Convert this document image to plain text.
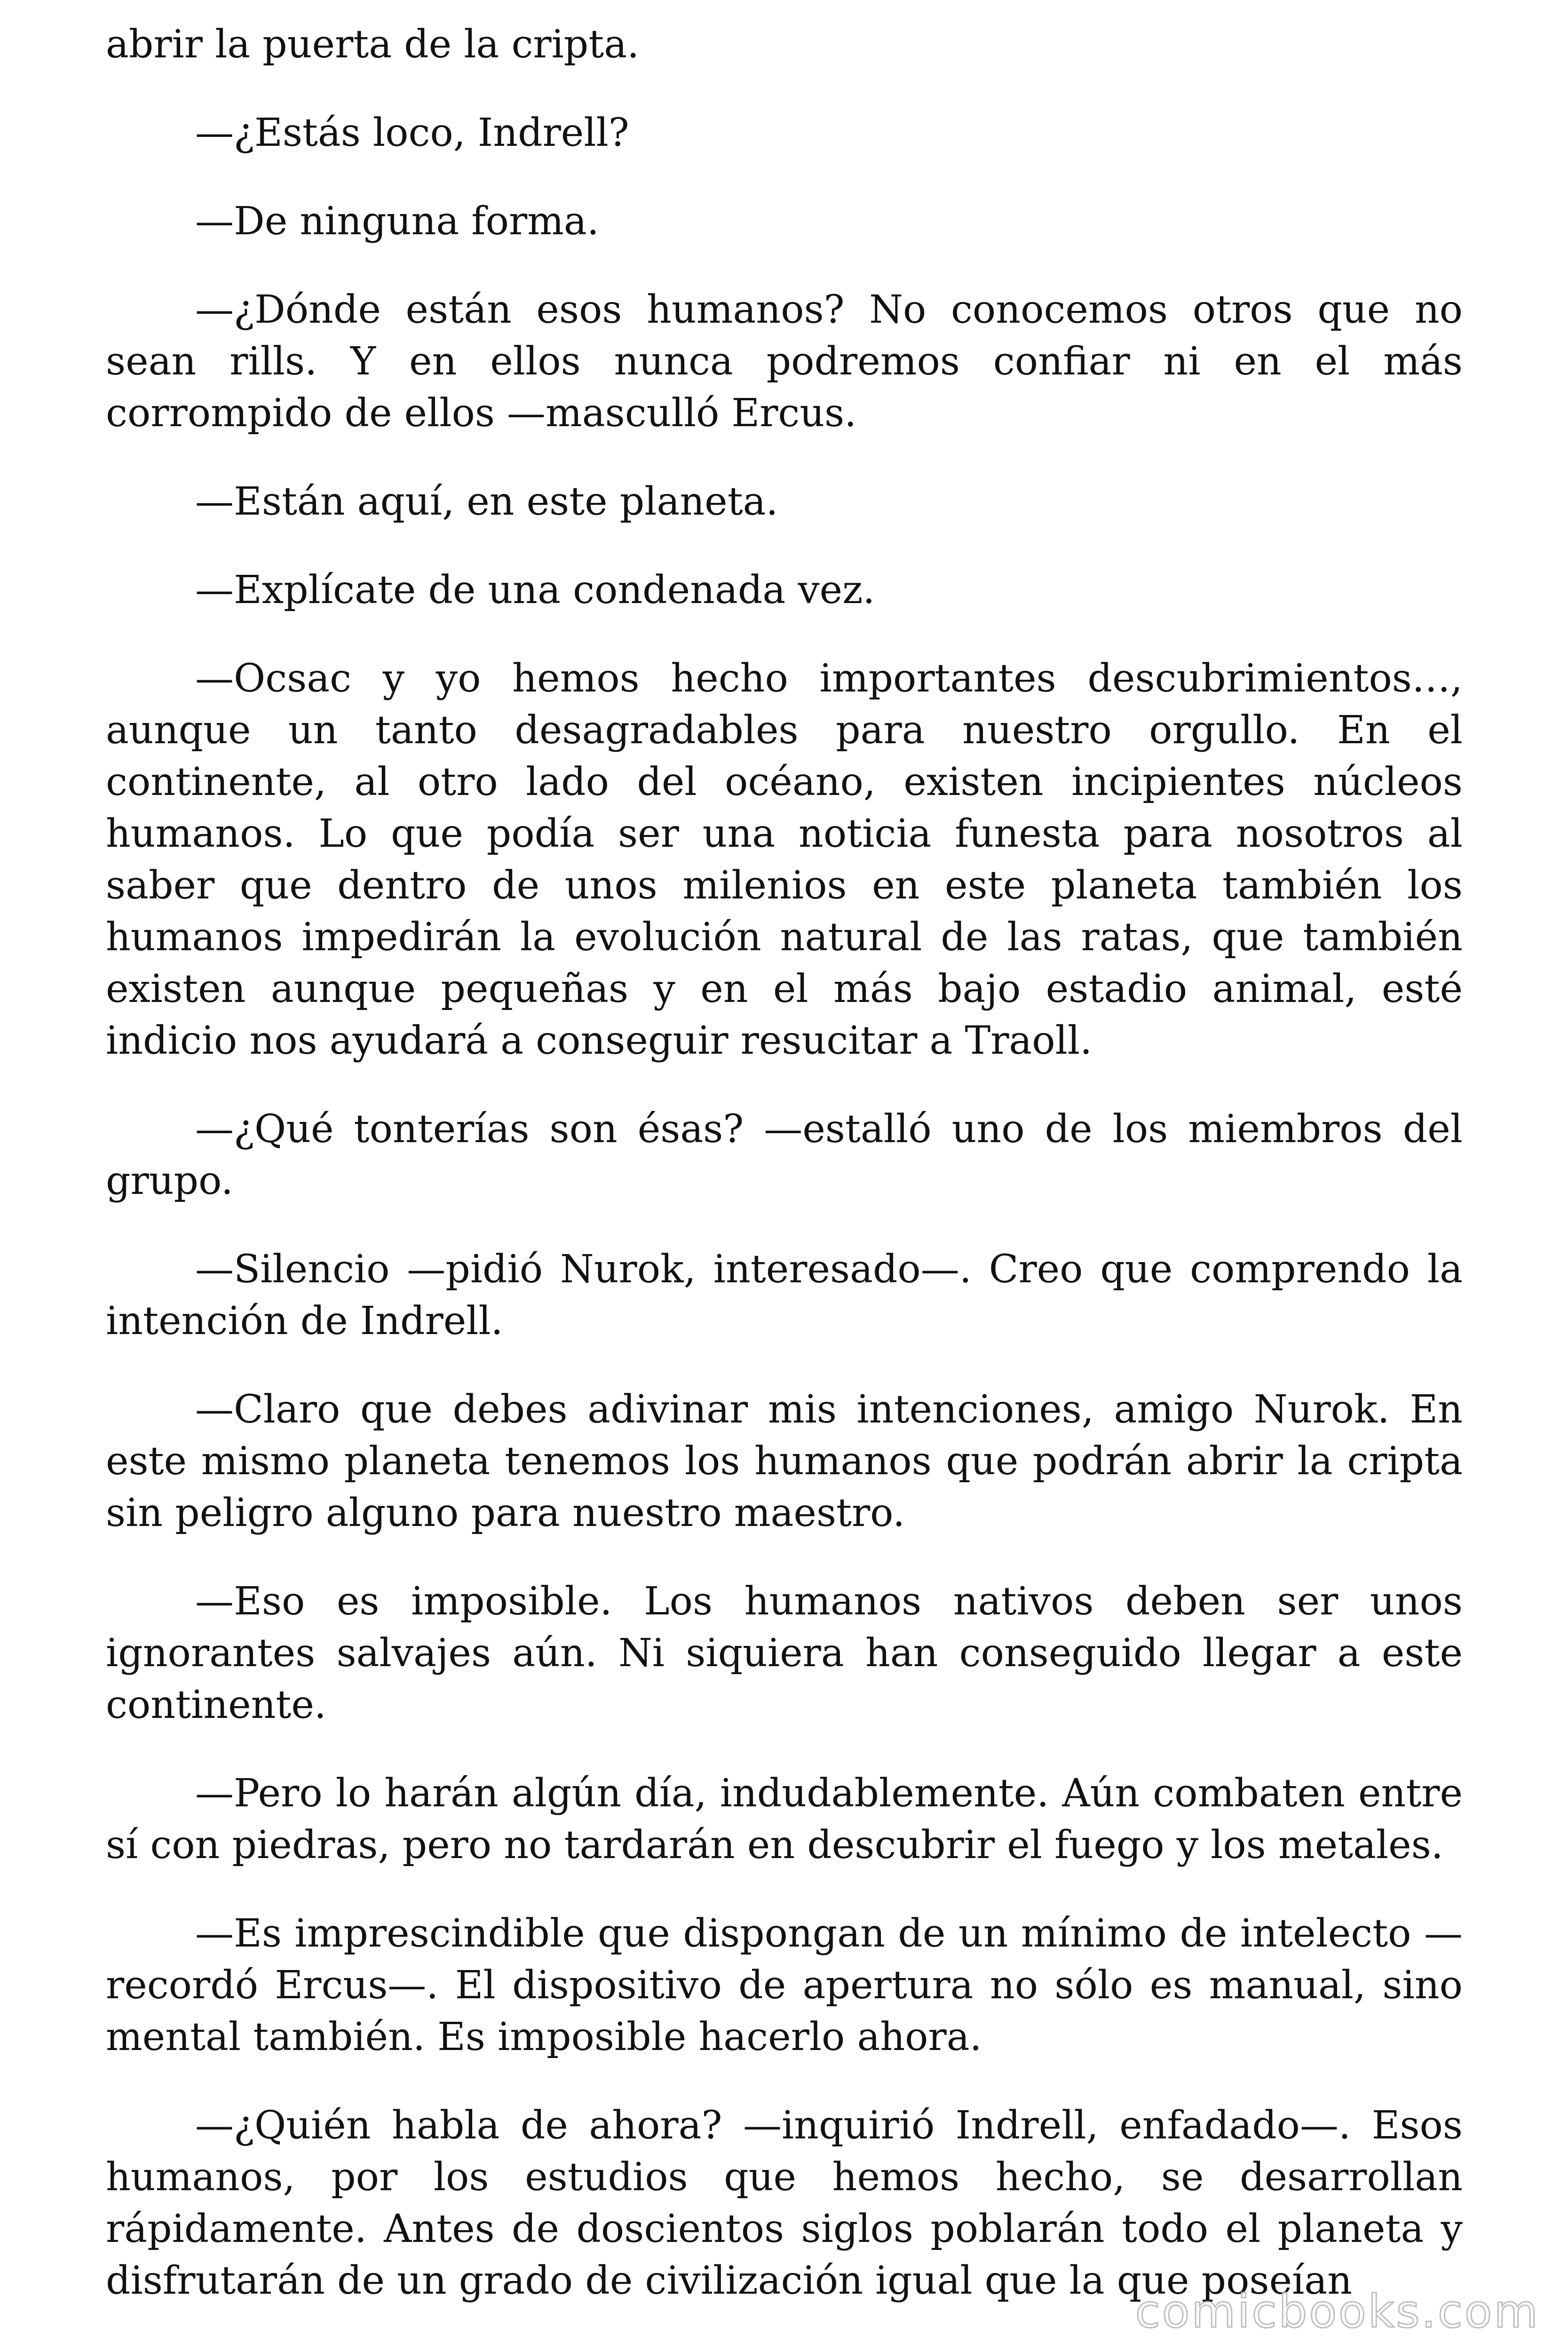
abrir la puerta de la cripta.

—¿Estás loco, Indrell?

—De ninguna forma.

—¿Dónde están esos humanos? No conocemos otros que no sean rills. Y en ellos nunca podremos confiar ni en el más corrompido de ellos —masculló Ercus.

—Están aquí, en este planeta.

—Explícate de una condenada vez.

—Ocsac y yo hemos hecho importantes descubrimientos…, aunque un tanto desagradables para nuestro orgullo. En el continente, al otro lado del océano, existen incipientes núcleos humanos. Lo que podía ser una noticia funesta para nosotros al saber que dentro de unos milenios en este planeta también los humanos impedirán la evolución natural de las ratas, que también existen aunque pequeñas y en el más bajo estadio animal, esté indicio nos ayudará a conseguir resucitar a Traoll.

—¿Qué tonterías son ésas? —estalló uno de los miembros del grupo.

—Silencio —pidió Nurok, interesado—. Creo que comprendo la intención de Indrell.

—Claro que debes adivinar mis intenciones, amigo Nurok. En este mismo planeta tenemos los humanos que podrán abrir la cripta sin peligro alguno para nuestro maestro.

—Eso es imposible. Los humanos nativos deben ser unos ignorantes salvajes aún. Ni siquiera han conseguido llegar a este continente.

—Pero lo harán algún día, indudablemente. Aún combaten entre sí con piedras, pero no tardarán en descubrir el fuego y los metales.

—Es imprescindible que dispongan de un mínimo de intelecto — recordó Ercus—. El dispositivo de apertura no sólo es manual, sino mental también. Es imposible hacerlo ahora.

—¿Quién habla de ahora? —inquirió Indrell, enfadado—. Esos humanos, por los estudios que hemos hecho, se desarrollan rápidamente. Antes de doscientos siglos poblarán todo el planeta y disfrutarán de un grado de civilización igual que la que poseían

comicbooks.com
